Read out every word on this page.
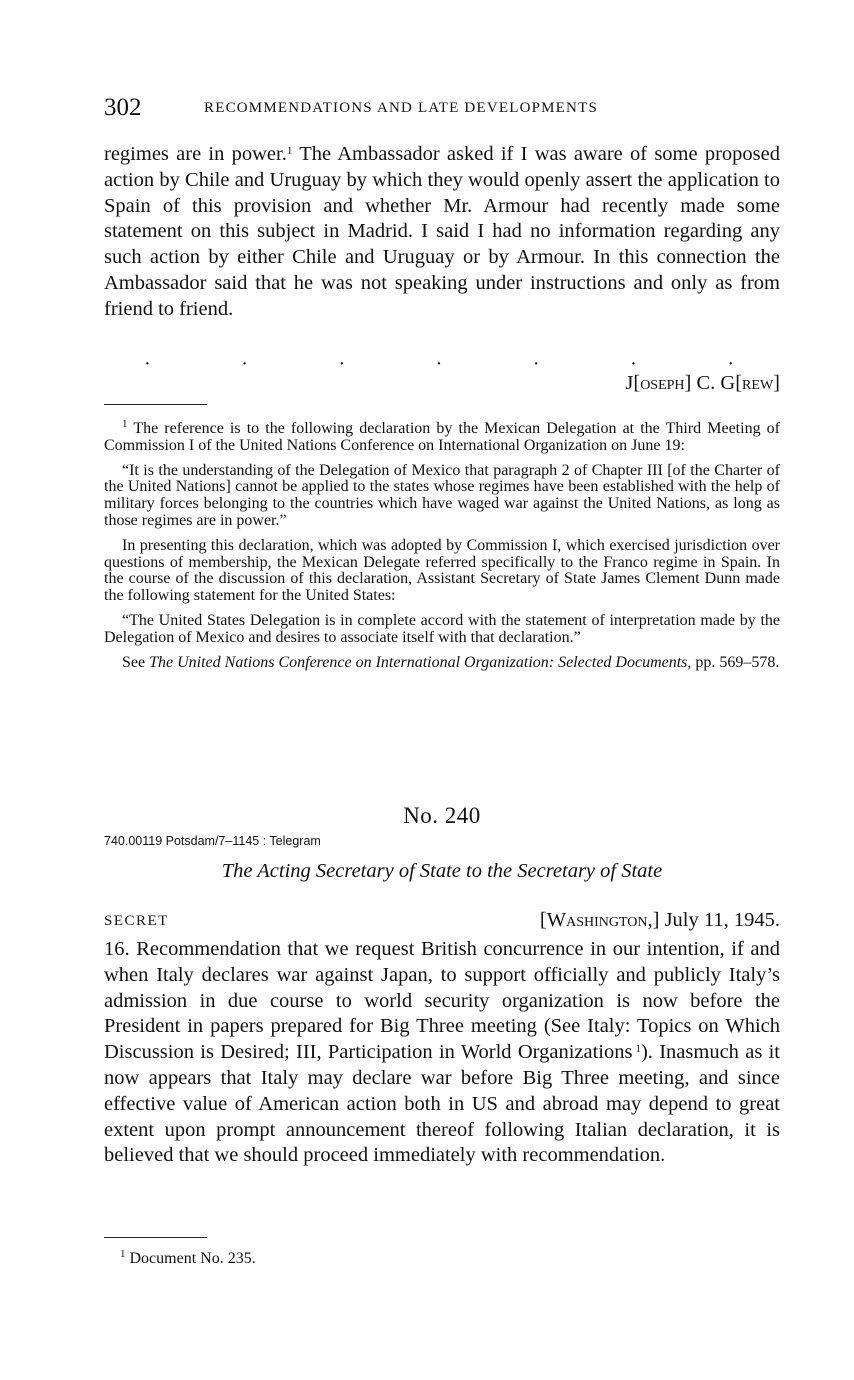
302	RECOMMENDATIONS AND LATE DEVELOPMENTS

regimes are in power.$^1$ The Ambassador asked if I was aware of some proposed action by Chile and Uruguay by which they would openly assert the application to Spain of this provision and whether Mr. Armour had recently made some statement on this subject in Madrid. I said I had no information regarding any such action by either Chile and Uruguay or by Armour. In this connection the Ambassador said that he was not speaking under instructions and only as from friend to friend.

·	·	·	·	·	·	·
J[oseph] C. G[rew]

$^1$ The reference is to the following declaration by the Mexican Delegation at the Third Meeting of Commission I of the United Nations Conference on International Organization on June 19:

“It is the understanding of the Delegation of Mexico that paragraph 2 of Chapter III [of the Charter of the United Nations] cannot be applied to the states whose regimes have been established with the help of military forces belonging to the countries which have waged war against the United Nations, as long as those regimes are in power.”

In presenting this declaration, which was adopted by Commission I, which exercised jurisdiction over questions of membership, the Mexican Delegate referred specifically to the Franco regime in Spain. In the course of the discussion of this declaration, Assistant Secretary of State James Clement Dunn made the following statement for the United States:

“The United States Delegation is in complete accord with the statement of interpretation made by the Delegation of Mexico and desires to associate itself with that declaration.”

See The United Nations Conference on International Organization: Selected Documents, pp. 569–578.

No. 240
740.00119 Potsdam/7–1145 : Telegram
The Acting Secretary of State to the Secretary of State
SECRET	[Washington,] July 11, 1945.

16. Recommendation that we request British concurrence in our intention, if and when Italy declares war against Japan, to support officially and publicly Italy’s admission in due course to world security organization is now before the President in papers prepared for Big Three meeting (See Italy: Topics on Which Discussion is Desired; III, Participation in World Organizations $^1$). Inasmuch as it now appears that Italy may declare war before Big Three meeting, and since effective value of American action both in US and abroad may depend to great extent upon prompt announcement thereof following Italian declaration, it is believed that we should proceed immediately with recommendation.

$^1$ Document No. 235.
